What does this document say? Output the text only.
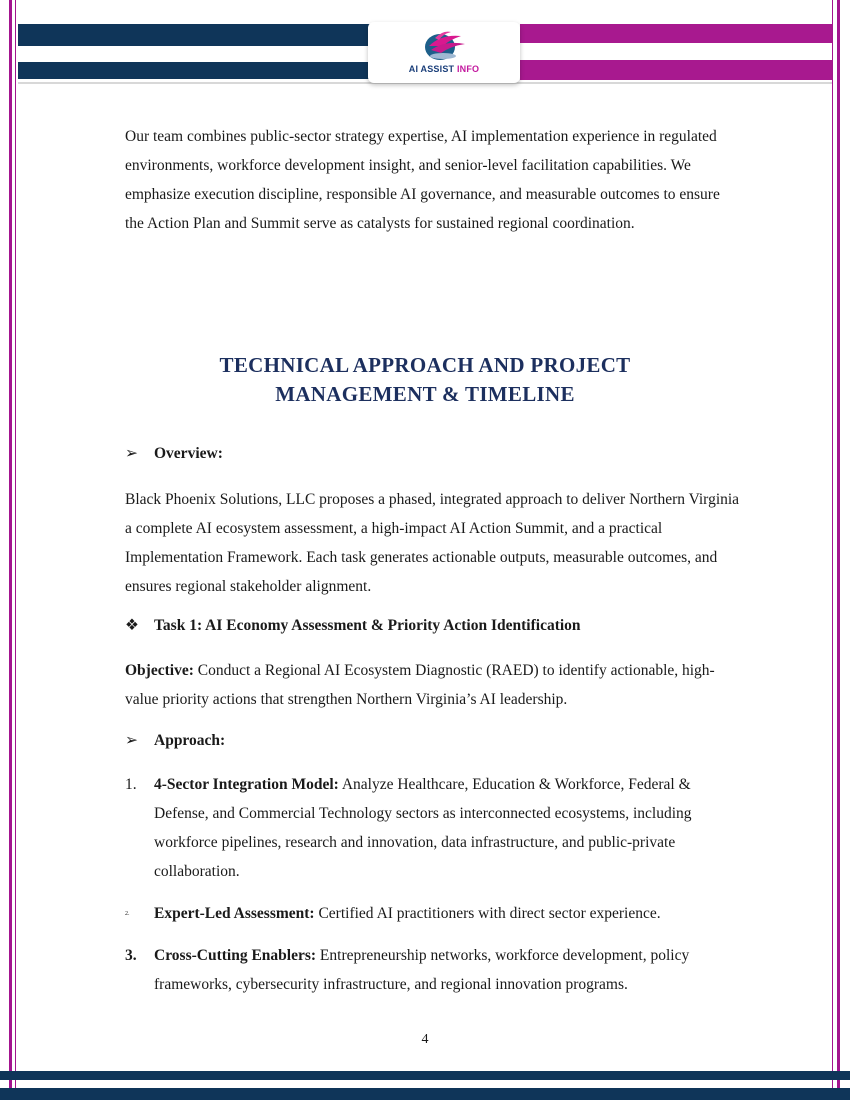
AI ASSIST INFO

Our team combines public-sector strategy expertise, AI implementation experience in regulated environments, workforce development insight, and senior-level facilitation capabilities. We emphasize execution discipline, responsible AI governance, and measurable outcomes to ensure the Action Plan and Summit serve as catalysts for sustained regional coordination.

TECHNICAL APPROACH AND PROJECT
MANAGEMENT & TIMELINE
➢ Overview:

Black Phoenix Solutions, LLC proposes a phased, integrated approach to deliver Northern Virginia a complete AI ecosystem assessment, a high-impact AI Action Summit, and a practical Implementation Framework. Each task generates actionable outputs, measurable outcomes, and ensures regional stakeholder alignment.

❖ Task 1: AI Economy Assessment & Priority Action Identification

Objective: Conduct a Regional AI Ecosystem Diagnostic (RAED) to identify actionable, high-value priority actions that strengthen Northern Virginia’s AI leadership.

➢ Approach:
1. 4-Sector Integration Model: Analyze Healthcare, Education & Workforce, Federal & Defense, and Commercial Technology sectors as interconnected ecosystems, including workforce pipelines, research and innovation, data infrastructure, and public-private collaboration.
2. Expert-Led Assessment: Certified AI practitioners with direct sector experience.
3. Cross-Cutting Enablers: Entrepreneurship networks, workforce development, policy frameworks, cybersecurity infrastructure, and regional innovation programs.
4
